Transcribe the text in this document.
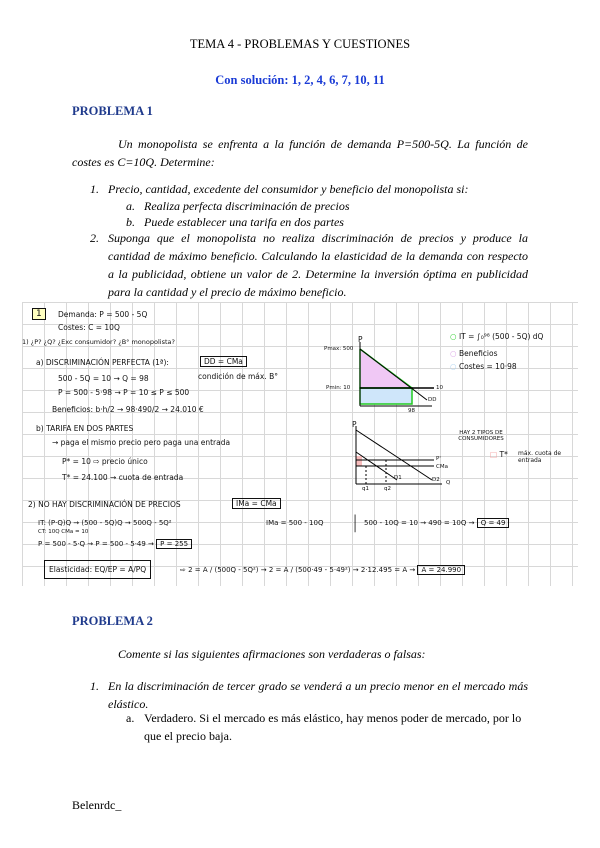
TEMA 4 - PROBLEMAS Y CUESTIONES
Con solución: 1, 2, 4, 6, 7, 10, 11
PROBLEMA 1
Un monopolista se enfrenta a la función de demanda P=500-5Q. La función de costes es C=10Q. Determine:
1. Precio, cantidad, excedente del consumidor y beneficio del monopolista si:
a. Realiza perfecta discriminación de precios
b. Puede establecer una tarifa en dos partes
2. Suponga que el monopolista no realiza discriminación de precios y produce la cantidad de máximo beneficio. Calculando la elasticidad de la demanda con respecto a la publicidad, obtiene un valor de 2. Determine la inversión óptima en publicidad para la cantidad y el precio de máximo beneficio.
1	Demanda: P = 500 - 5Q
Costes: C = 10Q
1) ¿P? ¿Q? ¿Exc consumidor? ¿B° monopolista?
a) DISCRIMINACIÓN PERFECTA (1ª):	DD = CMa
condición de máx. B°
500 - 5Q = 10 → Q = 98
P = 500 - 5·98 → P = 10 ≤ P ≤ 500
Beneficios: b·h/2 → 98·490/2 → 24.010 €
b) TARIFA EN DOS PARTES
→ paga el mismo precio pero paga una entrada
P* = 10 ⇨ precio único
T* = 24.100 → cuota de entrada
P
Pmax: 500
Pmin: 10
98
10
DD
○ IT = ∫₀⁹⁸ (500 - 5Q) dQ
○ Beneficios
○ Costes = 10·98
P
HAY 2 TIPOS DE CONSUMIDORES
P'
CMa
D1	D2 Q
q1	q2
□ T* máx. cuota de entrada
2) NO HAY DISCRIMINACIÓN DE PRECIOS	IMa = CMa
IT: (P·Q)Q → (500 - 5Q)Q → 500Q - 5Q²
CT: 10Q CMa = 10
IMa = 500 - 10Q | 500 - 10Q = 10 → 490 = 10Q → Q = 49
P = 500 - 5·Q → P = 500 - 5·49 → P = 255
Elasticidad: EQ/EP = A/PQ	⇨ 2 = A / (500Q - 5Q²) → 2 = A / (500·49 - 5·49²) → 2·12.495 = A → A = 24.990
PROBLEMA 2
Comente si las siguientes afirmaciones son verdaderas o falsas:
1. En la discriminación de tercer grado se venderá a un precio menor en el mercado más elástico.
a. Verdadero. Si el mercado es más elástico, hay menos poder de mercado, por lo que el precio baja.
Belenrdc_
